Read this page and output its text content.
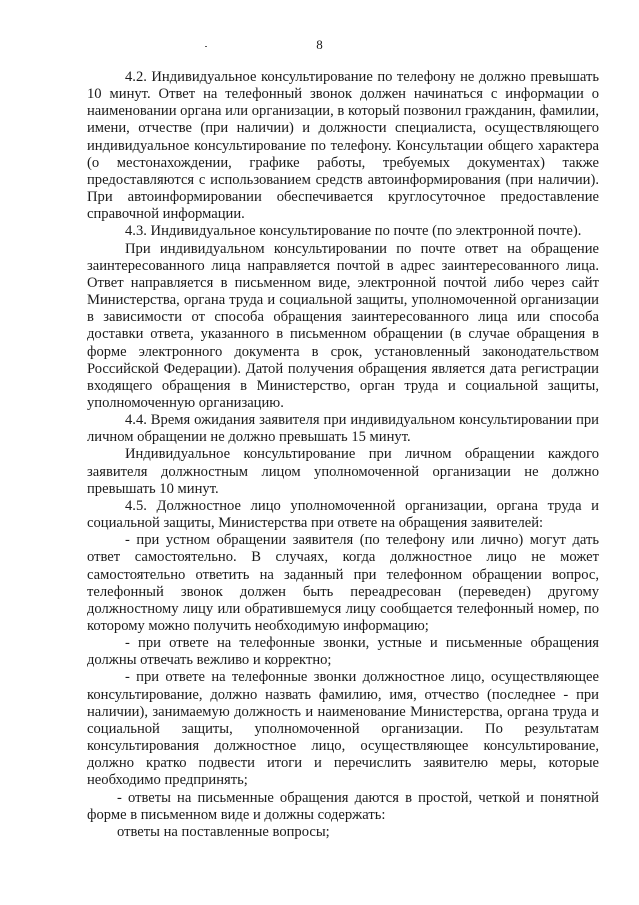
8

4.2. Индивидуальное консультирование по телефону не должно превышать 10 минут. Ответ на телефонный звонок должен начинаться с информации о наименовании органа или организации, в который позвонил гражданин, фамилии, имени, отчестве (при наличии) и должности специалиста, осуществляющего индивидуальное консультирование по телефону. Консультации общего характера (о местонахождении, графике работы, требуемых документах) также предоставляются с использованием средств автоинформирования (при наличии). При автоинформировании обеспечивается круглосуточное предоставление справочной информации.

4.3. Индивидуальное консультирование по почте (по электронной почте).

При индивидуальном консультировании по почте ответ на обращение заинтересованного лица направляется почтой в адрес заинтересованного лица. Ответ направляется в письменном виде, электронной почтой либо через сайт Министерства, органа труда и социальной защиты, уполномоченной организации в зависимости от способа обращения заинтересованного лица или способа доставки ответа, указанного в письменном обращении (в случае обращения в форме электронного документа в срок, установленный законодательством Российской Федерации). Датой получения обращения является дата регистрации входящего обращения в Министерство, орган труда и социальной защиты, уполномоченную организацию.

4.4. Время ожидания заявителя при индивидуальном консультировании при личном обращении не должно превышать 15 минут.

Индивидуальное консультирование при личном обращении каждого заявителя должностным лицом уполномоченной организации не должно превышать 10 минут.

4.5. Должностное лицо уполномоченной организации, органа труда и социальной защиты, Министерства при ответе на обращения заявителей:

- при устном обращении заявителя (по телефону или лично) могут дать ответ самостоятельно. В случаях, когда должностное лицо не может самостоятельно ответить на заданный при телефонном обращении вопрос, телефонный звонок должен быть переадресован (переведен) другому должностному лицу или обратившемуся лицу сообщается телефонный номер, по которому можно получить необходимую информацию;

- при ответе на телефонные звонки, устные и письменные обращения должны отвечать вежливо и корректно;

- при ответе на телефонные звонки должностное лицо, осуществляющее консультирование, должно назвать фамилию, имя, отчество (последнее - при наличии), занимаемую должность и наименование Министерства, органа труда и социальной защиты, уполномоченной организации. По результатам консультирования должностное лицо, осуществляющее консультирование, должно кратко подвести итоги и перечислить заявителю меры, которые необходимо предпринять;

- ответы на письменные обращения даются в простой, четкой и понятной форме в письменном виде и должны содержать:

ответы на поставленные вопросы;
